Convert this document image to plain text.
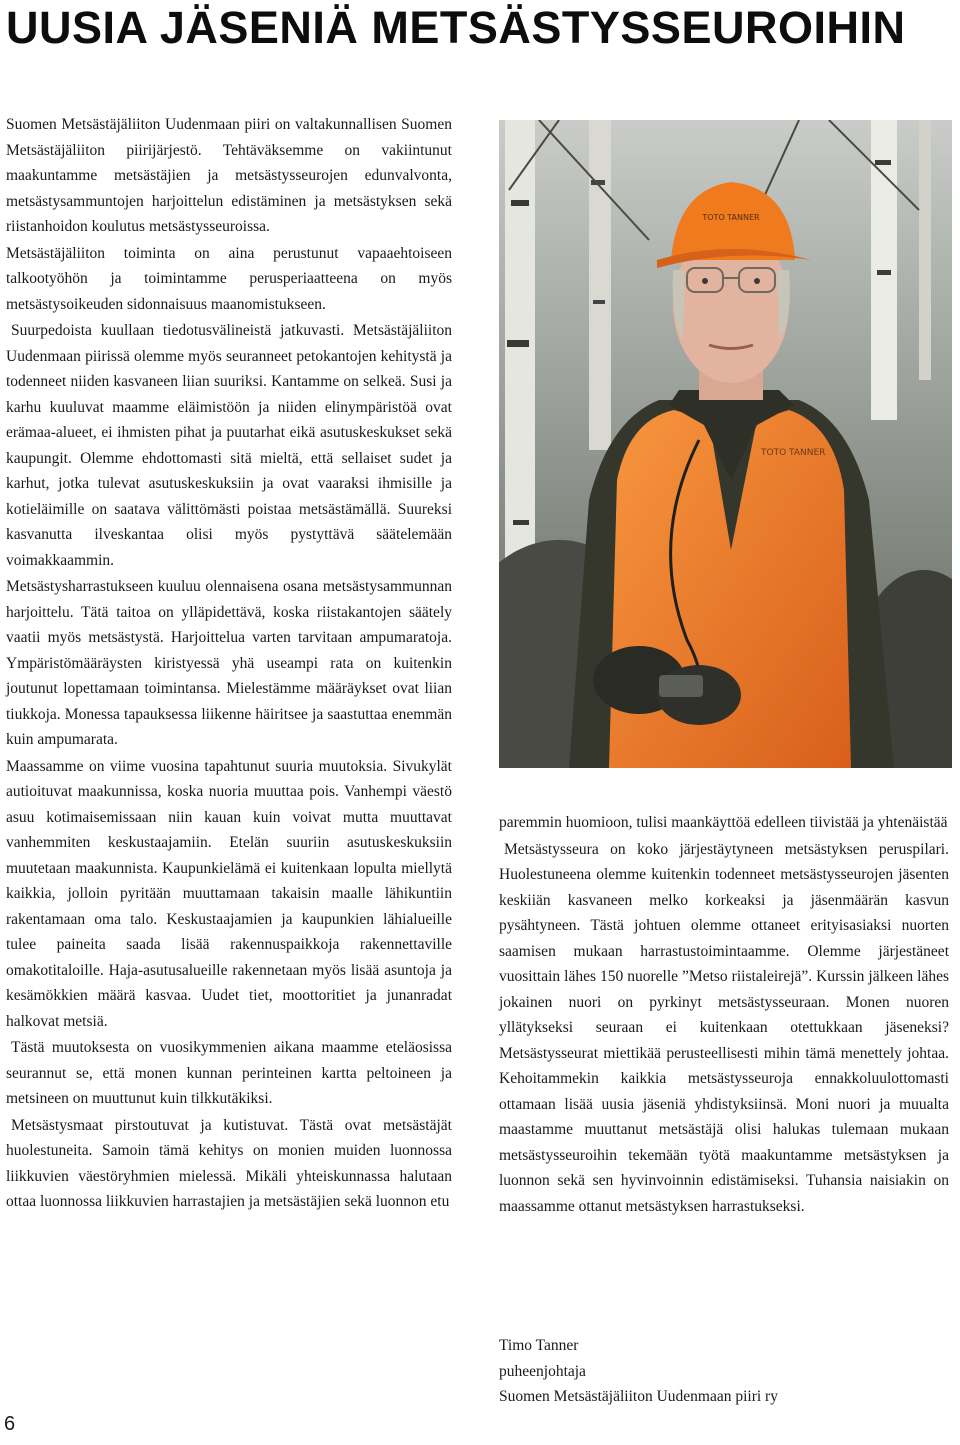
UUSIA JÄSENIÄ METSÄSTYSSEUROIHIN

Suomen Metsästäjäliiton Uudenmaan piiri on valtakunnallisen Suomen Metsästäjäliiton piirijärjestö. Tehtäväksemme on vakiintunut maakuntamme metsästäjien ja metsästysseurojen edunvalvonta, metsästysammuntojen harjoittelun edistäminen ja metsästyksen sekä riistanhoidon koulutus metsästysseuroissa.

Metsästäjäliiton toiminta on aina perustunut vapaaehtoiseen talkootyöhön ja toimintamme perusperiaatteena on myös metsästysoikeuden sidonnaisuus maanomistukseen.

Suurpedoista kuullaan tiedotusvälineistä jatkuvasti. Metsästäjäliiton Uudenmaan piirissä olemme myös seuranneet petokantojen kehitystä ja todenneet niiden kasvaneen liian suuriksi. Kantamme on selkeä. Susi ja karhu kuuluvat maamme eläimistöön ja niiden elinympäristöä ovat erämaa-alueet, ei ihmisten pihat ja puutarhat eikä asutuskeskukset sekä kaupungit. Olemme ehdottomasti sitä mieltä, että sellaiset sudet ja karhut, jotka tulevat asutuskeskuksiin ja ovat vaaraksi ihmisille ja kotieläimille on saatava välittömästi poistaa metsästämällä. Suureksi kasvanutta ilveskantaa olisi myös pystyttävä säätelemään voimakkaammin.

Metsästysharrastukseen kuuluu olennaisena osana metsästysammunnan harjoittelu. Tätä taitoa on ylläpidettävä, koska riistakantojen säätely vaatii myös metsästystä. Harjoittelua varten tarvitaan ampumaratoja. Ympäristömääräysten kiristyessä yhä useampi rata on kuitenkin joutunut lopettamaan toimintansa. Mielestämme määräykset ovat liian tiukkoja. Monessa tapauksessa liikenne häiritsee ja saastuttaa enemmän kuin ampumarata.

Maassamme on viime vuosina tapahtunut suuria muutoksia. Sivukylät autioituvat maakunnissa, koska nuoria muuttaa pois. Vanhempi väestö asuu kotimaisemissaan niin kauan kuin voivat mutta muuttavat vanhemmiten keskustaajamiin. Etelän suuriin asutuskeskuksiin muutetaan maakunnista. Kaupunkielämä ei kuitenkaan lopulta miellytä kaikkia, jolloin pyritään muuttamaan takaisin maalle lähikuntiin rakentamaan oma talo. Keskustaajamien ja kaupunkien lähialueille tulee paineita saada lisää rakennuspaikkoja rakennettaville omakotitaloille. Haja-asutusalueille rakennetaan myös lisää asuntoja ja kesämökkien määrä kasvaa. Uudet tiet, moottoritiet ja junanradat halkovat metsiä.

Tästä muutoksesta on vuosikymmenien aikana maamme eteläosissa seurannut se, että monen kunnan perinteinen kartta peltoineen ja metsineen on muuttunut kuin tilkkutäkiksi.

Metsästysmaat pirstoutuvat ja kutistuvat. Tästä ovat metsästäjät huolestuneita. Samoin tämä kehitys on monien muiden luonnossa liikkuvien väestöryhmien mielessä. Mikäli yhteiskunnassa halutaan ottaa luonnossa liikkuvien harrastajien ja metsästäjien sekä luonnon etu

TOTO TANNER
TOTO TANNER

paremmin huomioon, tulisi maankäyttöä edelleen tiivistää ja yhtenäistää

Metsästysseura on koko järjestäytyneen metsästyksen peruspilari. Huolestuneena olemme kuitenkin todenneet metsästysseurojen jäsenten keskiiän kasvaneen melko korkeaksi ja jäsenmäärän kasvun pysähtyneen. Tästä johtuen olemme ottaneet erityisasiaksi nuorten saamisen mukaan harrastustoimintaamme. Olemme järjestäneet vuosittain lähes 150 nuorelle ”Metso riistaleirejä”. Kurssin jälkeen lähes jokainen nuori on pyrkinyt metsästysseuraan. Monen nuoren yllätykseksi seuraan ei kuitenkaan otettukkaan jäseneksi? Metsästysseurat miettikää perusteellisesti mihin tämä menettely johtaa. Kehoitammekin kaikkia metsästysseuroja ennakkoluulottomasti ottamaan lisää uusia jäseniä yhdistyksiinsä. Moni nuori ja muualta maastamme muuttanut metsästäjä olisi halukas tulemaan mukaan metsästysseuroihin tekemään työtä maakuntamme metsästyksen ja luonnon sekä sen hyvinvoinnin edistämiseksi. Tuhansia naisiakin on maassamme ottanut metsästyksen harrastukseksi.

Timo Tanner
puheenjohtaja
Suomen Metsästäjäliiton Uudenmaan piiri ry
6
